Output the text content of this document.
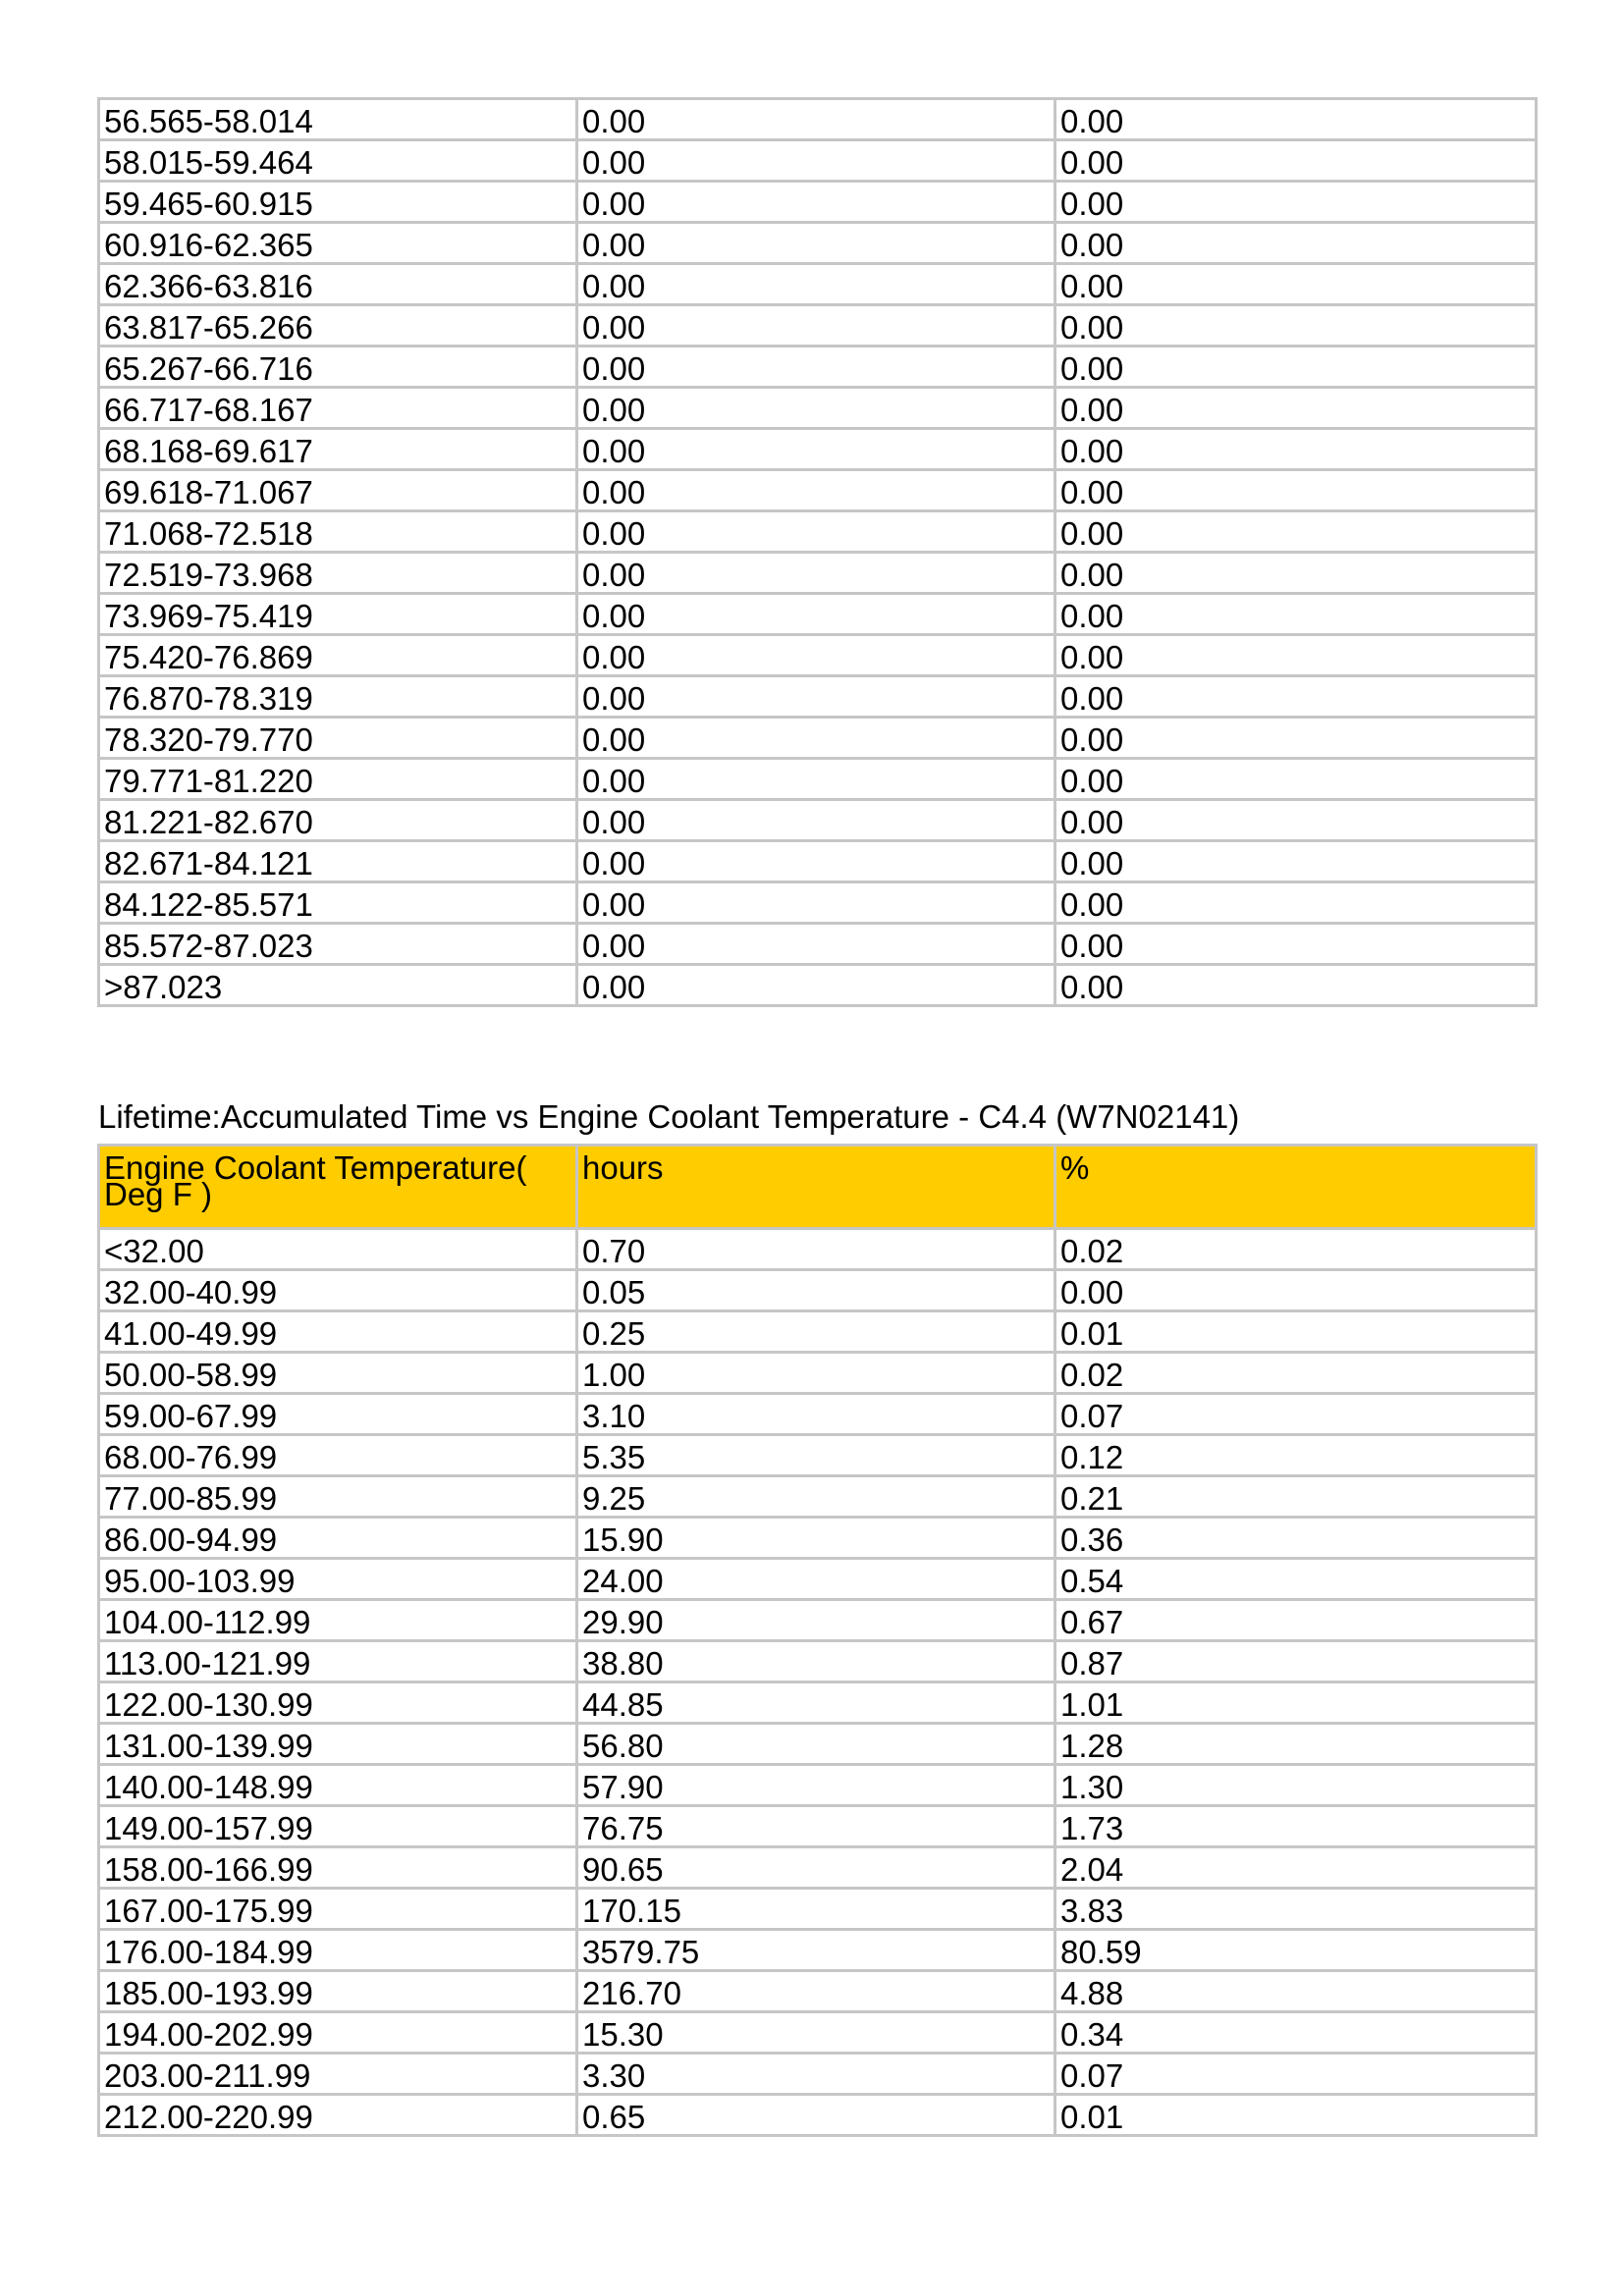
56.565-58.014	0.00	0.00
58.015-59.464	0.00	0.00
59.465-60.915	0.00	0.00
60.916-62.365	0.00	0.00
62.366-63.816	0.00	0.00
63.817-65.266	0.00	0.00
65.267-66.716	0.00	0.00
66.717-68.167	0.00	0.00
68.168-69.617	0.00	0.00
69.618-71.067	0.00	0.00
71.068-72.518	0.00	0.00
72.519-73.968	0.00	0.00
73.969-75.419	0.00	0.00
75.420-76.869	0.00	0.00
76.870-78.319	0.00	0.00
78.320-79.770	0.00	0.00
79.771-81.220	0.00	0.00
81.221-82.670	0.00	0.00
82.671-84.121	0.00	0.00
84.122-85.571	0.00	0.00
85.572-87.023	0.00	0.00
>87.023	0.00	0.00
Lifetime:Accumulated Time vs Engine Coolant Temperature - C4.4 (W7N02141)
Engine Coolant Temperature( Deg F )	hours	%
<32.00	0.70	0.02
32.00-40.99	0.05	0.00
41.00-49.99	0.25	0.01
50.00-58.99	1.00	0.02
59.00-67.99	3.10	0.07
68.00-76.99	5.35	0.12
77.00-85.99	9.25	0.21
86.00-94.99	15.90	0.36
95.00-103.99	24.00	0.54
104.00-112.99	29.90	0.67
113.00-121.99	38.80	0.87
122.00-130.99	44.85	1.01
131.00-139.99	56.80	1.28
140.00-148.99	57.90	1.30
149.00-157.99	76.75	1.73
158.00-166.99	90.65	2.04
167.00-175.99	170.15	3.83
176.00-184.99	3579.75	80.59
185.00-193.99	216.70	4.88
194.00-202.99	15.30	0.34
203.00-211.99	3.30	0.07
212.00-220.99	0.65	0.01
